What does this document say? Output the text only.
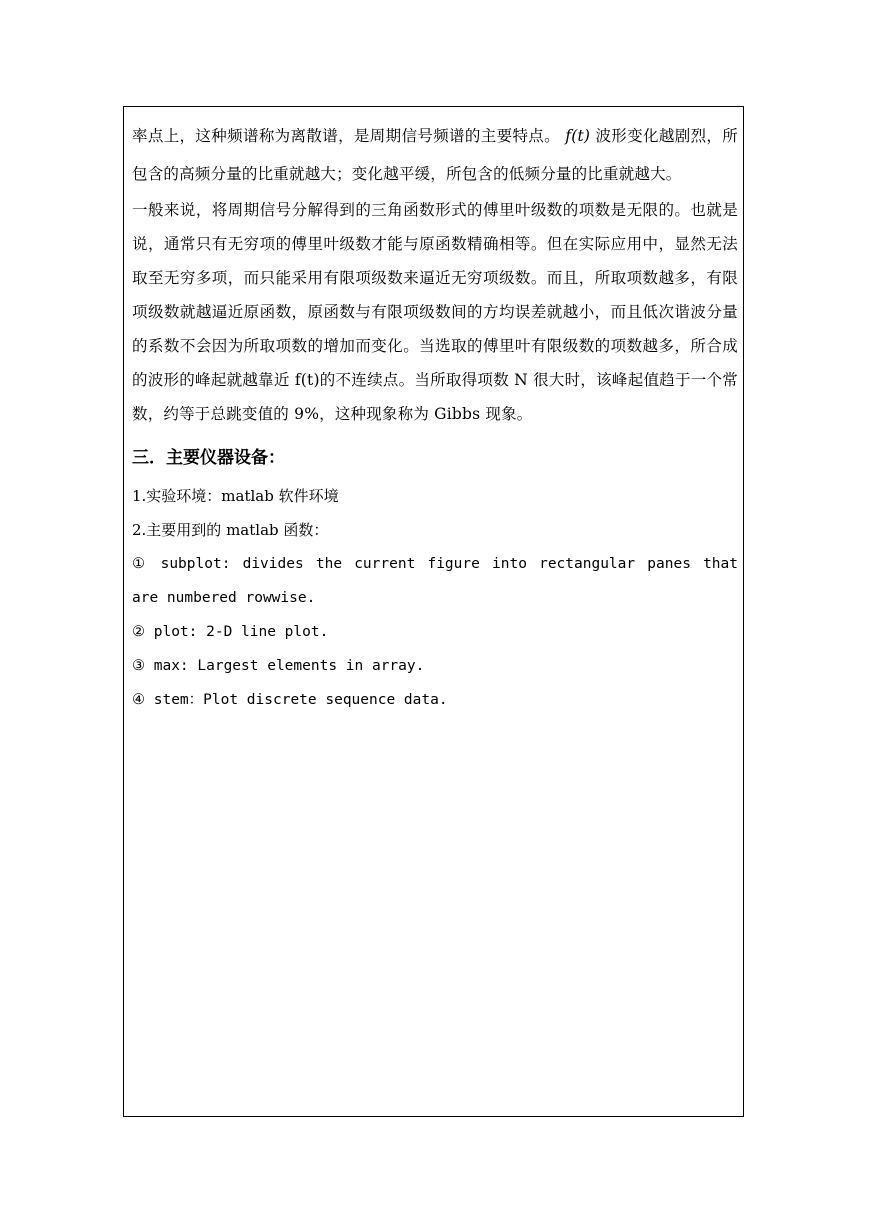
率点上，这种频谱称为离散谱，是周期信号频谱的主要特点。 f(t) 波形变化越剧烈，所包含的高频分量的比重就越大；变化越平缓，所包含的低频分量的比重就越大。

一般来说，将周期信号分解得到的三角函数形式的傅里叶级数的项数是无限的。也就是说，通常只有无穷项的傅里叶级数才能与原函数精确相等。但在实际应用中，显然无法取至无穷多项，而只能采用有限项级数来逼近无穷项级数。而且，所取项数越多，有限项级数就越逼近原函数，原函数与有限项级数间的方均误差就越小，而且低次谐波分量的系数不会因为所取项数的增加而变化。当选取的傅里叶有限级数的项数越多，所合成的波形的峰起就越靠近 f(t)的不连续点。当所取得项数 N 很大时，该峰起值趋于一个常数，约等于总跳变值的 9%，这种现象称为 Gibbs 现象。

三．主要仪器设备：

1.实验环境：matlab 软件环境

2.主要用到的 matlab 函数：

① subplot: divides the current figure into rectangular panes that are numbered rowwise.

② plot: 2-D line plot.

③ max: Largest elements in array.

④ stem：Plot discrete sequence data.
